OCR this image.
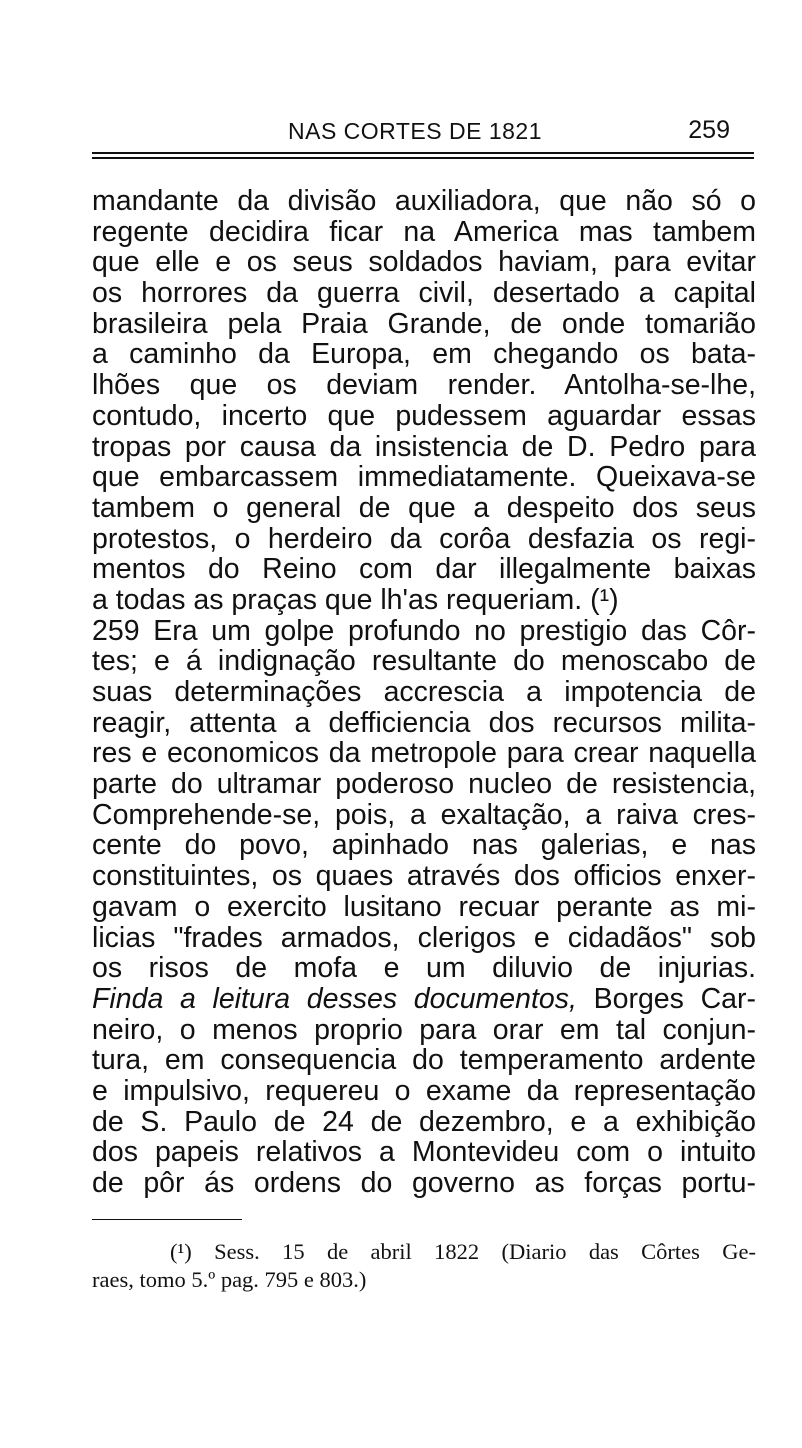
NAS CORTES DE 1821	259
mandante da divisão auxiliadora, que não só o
regente decidira ficar na America mas tambem
que elle e os seus soldados haviam, para evitar
os horrores da guerra civil, desertado a capital
brasileira pela Praia Grande, de onde tomarião
a caminho da Europa, em chegando os bata-
lhões que os deviam render. Antolha-se-lhe,
contudo, incerto que pudessem aguardar essas
tropas por causa da insistencia de D. Pedro para
que embarcassem immediatamente. Queixava-se
tambem o general de que a despeito dos seus
protestos, o herdeiro da corôa desfazia os regi-
mentos do Reino com dar illegalmente baixas
a todas as praças que lh'as requeriam. (¹)
259 Era um golpe profundo no prestigio das Côr-
tes; e á indignação resultante do menoscabo de
suas determinações accrescia a impotencia de
reagir, attenta a defficiencia dos recursos milita-
res e economicos da metropole para crear naquella
parte do ultramar poderoso nucleo de resistencia,
Comprehende-se, pois, a exaltação, a raiva cres-
cente do povo, apinhado nas galerias, e nas
constituintes, os quaes através dos officios enxer-
gavam o exercito lusitano recuar perante as mi-
licias "frades armados, clerigos e cidadãos" sob
os risos de mofa e um diluvio de injurias.
Finda a leitura desses documentos, Borges Car-
neiro, o menos proprio para orar em tal conjun-
tura, em consequencia do temperamento ardente
e impulsivo, requereu o exame da representação
de S. Paulo de 24 de dezembro, e a exhibição
dos papeis relativos a Montevideu com o intuito
de pôr ás ordens do governo as forças portu-
(¹) Sess. 15 de abril 1822 (Diario das Côrtes Ge-
raes, tomo 5.º pag. 795 e 803.)
